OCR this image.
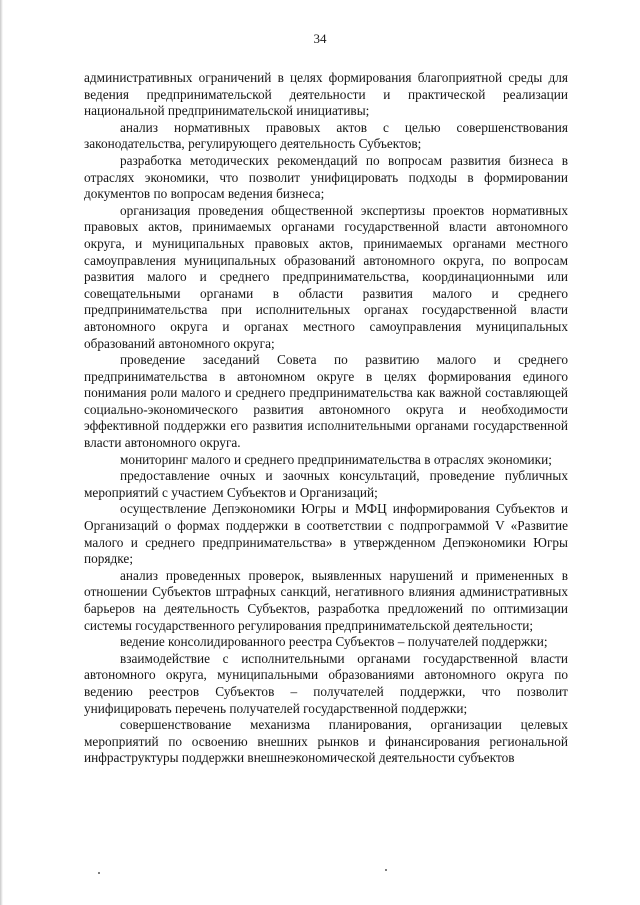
34

административных ограничений в целях формирования благоприятной среды для ведения предпринимательской деятельности и практической реализации национальной предпринимательской инициативы;

анализ нормативных правовых актов с целью совершенствования законодательства, регулирующего деятельность Субъектов;

разработка методических рекомендаций по вопросам развития бизнеса в отраслях экономики, что позволит унифицировать подходы в формировании документов по вопросам ведения бизнеса;

организация проведения общественной экспертизы проектов нормативных правовых актов, принимаемых органами государственной власти автономного округа, и муниципальных правовых актов, принимаемых органами местного самоуправления муниципальных образований автономного округа, по вопросам развития малого и среднего предпринимательства, координационными или совещательными органами в области развития малого и среднего предпринимательства при исполнительных органах государственной власти автономного округа и органах местного самоуправления муниципальных образований автономного округа;

проведение заседаний Совета по развитию малого и среднего предпринимательства в автономном округе в целях формирования единого понимания роли малого и среднего предпринимательства как важной составляющей социально-экономического развития автономного округа и необходимости эффективной поддержки его развития исполнительными органами государственной власти автономного округа.

мониторинг малого и среднего предпринимательства в отраслях экономики;

предоставление очных и заочных консультаций, проведение публичных мероприятий с участием Субъектов и Организаций;

осуществление Депэкономики Югры и МФЦ информирования Субъектов и Организаций о формах поддержки в соответствии с подпрограммой V «Развитие малого и среднего предпринимательства» в утвержденном Депэкономики Югры порядке;

анализ проведенных проверок, выявленных нарушений и примененных в отношении Субъектов штрафных санкций, негативного влияния административных барьеров на деятельность Субъектов, разработка предложений по оптимизации системы государственного регулирования предпринимательской деятельности;

ведение консолидированного реестра Субъектов – получателей поддержки;

взаимодействие с исполнительными органами государственной власти автономного округа, муниципальными образованиями автономного округа по ведению реестров Субъектов – получателей поддержки, что позволит унифицировать перечень получателей государственной поддержки;

совершенствование механизма планирования, организации целевых мероприятий по освоению внешних рынков и финансирования региональной инфраструктуры поддержки внешнеэкономической деятельности субъектов
